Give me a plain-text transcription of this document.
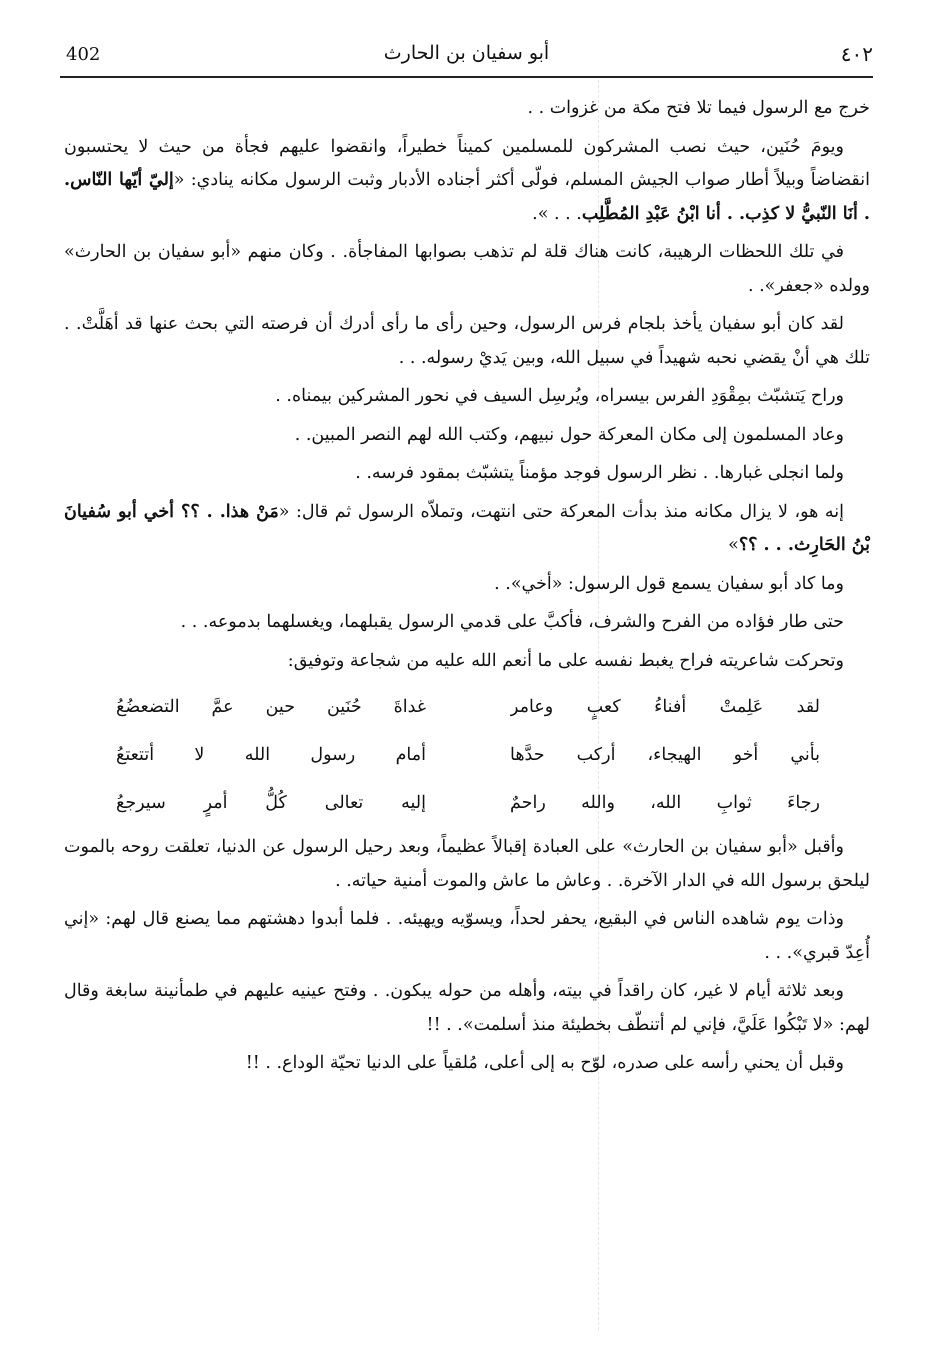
402	أبو سفيان بن الحارث	٤٠٢

خرج مع الرسول فيما تلا فتح مكة من غزوات . .

ويومَ حُنَين، حيث نصب المشركون للمسلمين كميناً خطيراً، وانقضوا عليهم فجأة من حيث لا يحتسبون انقضاضاً وبيلاً أطار صواب الجيش المسلم، فولّى أكثر أجناده الأدبار وثبت الرسول مكانه ينادي: «إليّ أيّها النّاس. . أنَا النّبيُّ لا كذِب. . أنا ابْنُ عَبْدِ المُطَّلِب. . . ».

في تلك اللحظات الرهيبة، كانت هناك قلة لم تذهب بصوابها المفاجأة. . وكان منهم «أبو سفيان بن الحارث» وولده «جعفر». .

لقد كان أبو سفيان يأخذ بلجام فرس الرسول، وحين رأى ما رأى أدرك أن فرصته التي بحث عنها قد أهَلَّتْ. . تلك هي أنْ يقضي نحبه شهيداً في سبيل الله، وبين يَديْ رسوله. . .

وراح يَتشبّث بمِقْوَدِ الفرس بيسراه، ويُرسِل السيف في نحور المشركين بيمناه. .

وعاد المسلمون إلى مكان المعركة حول نبيهم، وكتب الله لهم النصر المبين. .

ولما انجلى غبارها. . نظر الرسول فوجد مؤمناً يتشبّث بمقود فرسه. .

إنه هو، لا يزال مكانه منذ بدأت المعركة حتى انتهت، وتملاّه الرسول ثم قال: «مَنْ هذا. . ؟؟ أخي أبو سُفيانَ بْنُ الحَارِث. . . ؟؟»

وما كاد أبو سفيان يسمع قول الرسول: «أخي». .

حتى طار فؤاده من الفرح والشرف، فأكبَّ على قدمي الرسول يقبلهما، ويغسلهما بدموعه. . .

وتحركت شاعريته فراح يغبط نفسه على ما أنعم الله عليه من شجاعة وتوفيق:

لقد عَلِمتْ أفناءُ كعبٍ وعامر
غداةَ حُنَين حين عمَّ التضعضُعُ
بأني أخو الهيجاء، أركب حدَّها
أمام رسول الله لا أتتعتعُ
رجاءَ ثوابِ الله، والله راحمٌ
إليه تعالى كُلُّ أمرٍ سيرجعُ

وأقبل «أبو سفيان بن الحارث» على العبادة إقبالاً عظيماً، وبعد رحيل الرسول عن الدنيا، تعلقت روحه بالموت ليلحق برسول الله في الدار الآخرة. . وعاش ما عاش والموت أمنية حياته. .

وذات يوم شاهده الناس في البقيع، يحفر لحداً، ويسوّيه ويهيئه. . فلما أبدوا دهشتهم مما يصنع قال لهم: «إني أُعِدّ قبري». . .

وبعد ثلاثة أيام لا غير، كان راقداً في بيته، وأهله من حوله يبكون. . وفتح عينيه عليهم في طمأنينة سابغة وقال لهم: «لا تَبْكُوا عَلَيَّ، فإني لم أتنطّف بخطيئة منذ أسلمت». . !!

وقبل أن يحني رأسه على صدره، لوّح به إلى أعلى، مُلقياً على الدنيا تحيّة الوداع. . !!
